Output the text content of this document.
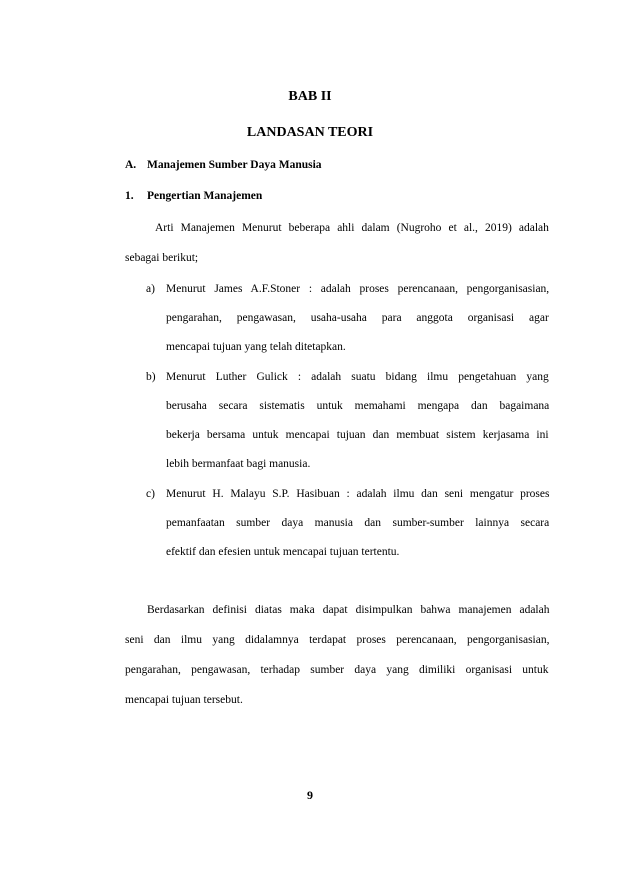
BAB II
LANDASAN TEORI
A. Manajemen Sumber Daya Manusia
1. Pengertian Manajemen
Arti Manajemen Menurut beberapa ahli dalam (Nugroho et al., 2019) adalah
sebagai berikut;
a) Menurut James A.F.Stoner : adalah proses perencanaan, pengorganisasian,
pengarahan, pengawasan, usaha-usaha para anggota organisasi agar
mencapai tujuan yang telah ditetapkan.
b) Menurut Luther Gulick : adalah suatu bidang ilmu pengetahuan yang
berusaha secara sistematis untuk memahami mengapa dan bagaimana
bekerja bersama untuk mencapai tujuan dan membuat sistem kerjasama ini
lebih bermanfaat bagi manusia.
c) Menurut H. Malayu S.P. Hasibuan : adalah ilmu dan seni mengatur proses
pemanfaatan sumber daya manusia dan sumber-sumber lainnya secara
efektif dan efesien untuk mencapai tujuan tertentu.
Berdasarkan definisi diatas maka dapat disimpulkan bahwa manajemen adalah
seni dan ilmu yang didalamnya terdapat proses perencanaan, pengorganisasian,
pengarahan, pengawasan, terhadap sumber daya yang dimiliki organisasi untuk
mencapai tujuan tersebut.
9
